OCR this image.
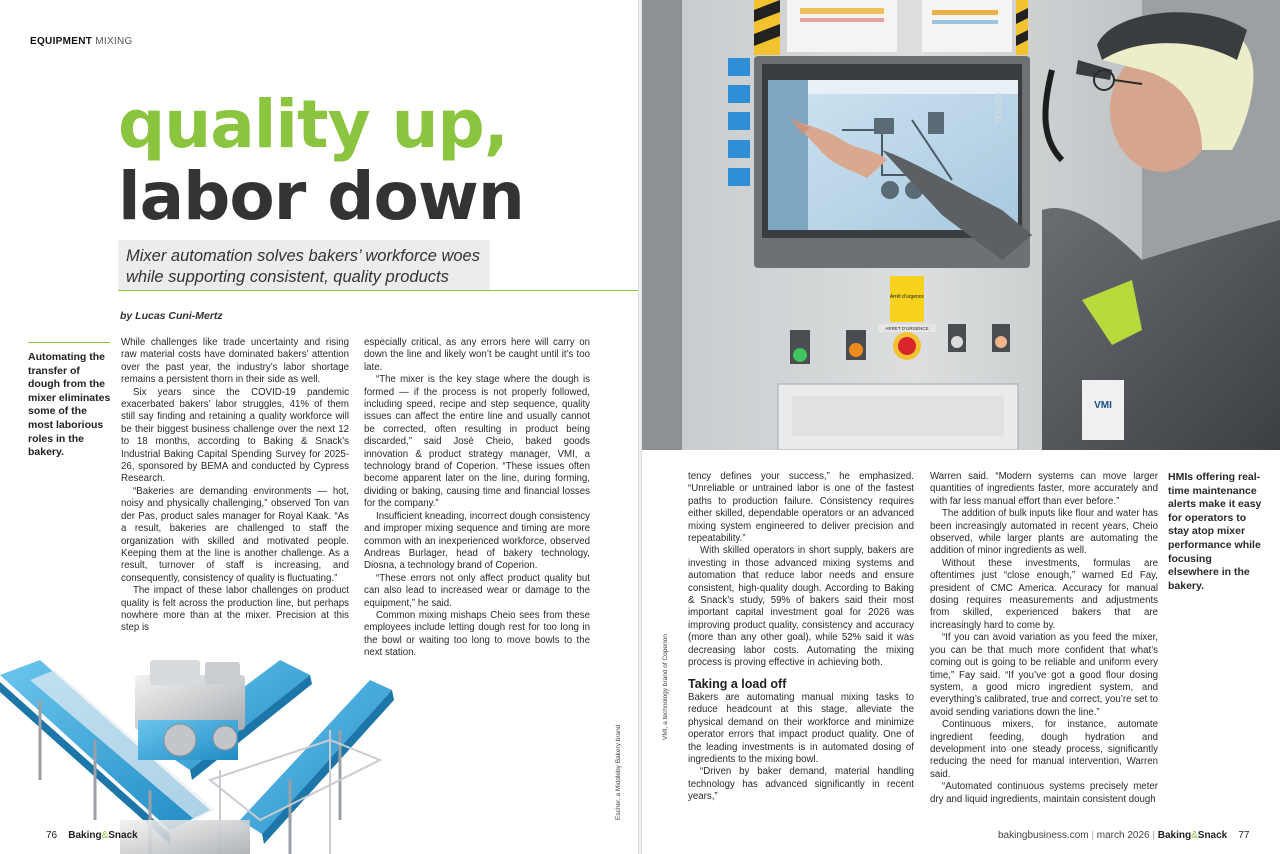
EQUIPMENT MIXING
quality up,
labor down
Mixer automation solves bakers’ workforce woes
while supporting consistent, quality products
by Lucas Cuni-Mertz
Automating the transfer of dough from the mixer eliminates some of the most laborious roles in the bakery.

While challenges like trade uncertainty and rising raw material costs have dominated bakers’ attention over the past year, the industry’s labor shortage remains a persistent thorn in their side as well.

Six years since the COVID-19 pandemic exacerbated bakers’ labor struggles, 41% of them still say finding and retaining a quality workforce will be their biggest business challenge over the next 12 to 18 months, according to Baking & Snack’s Industrial Baking Capital Spending Survey for 2025-26, sponsored by BEMA and conducted by Cypress Research.

“Bakeries are demanding environments — hot, noisy and physically challenging,” observed Ton van der Pas, product sales manager for Royal Kaak. “As a result, bakeries are challenged to staff the organization with skilled and motivated people. Keeping them at the line is another challenge. As a result, turnover of staff is increasing, and consequently, consistency of quality is fluctuating.”

The impact of these labor challenges on product quality is felt across the production line, but perhaps nowhere more than at the mixer. Precision at this step is

especially critical, as any errors here will carry on down the line and likely won’t be caught until it’s too late.

“The mixer is the key stage where the dough is formed — if the process is not properly followed, including speed, recipe and step sequence, quality issues can affect the entire line and usually cannot be corrected, often resulting in product being discarded,” said José Cheio, baked goods innovation & product strategy manager, VMI, a technology brand of Coperion. “These issues often become apparent later on the line, during forming, dividing or baking, causing time and financial losses for the company.”

Insufficient kneading, incorrect dough consistency and improper mixing sequence and timing are more common with an inexperienced workforce, observed Andreas Burlager, head of bakery technology, Diosna, a technology brand of Coperion.

“These errors not only affect product quality but can also lead to increased wear or damage to the equipment,” he said.

Common mixing mishaps Cheio sees from these employees include letting dough rest for too long in the bowl or waiting too long to move bowls to the next station.

Escher, a Middleby Bakery brand
76 Baking&Snack
TOUCH
Arrêt d’urgence
ARRET D’URGENCE
VMI
VMI, a technology brand of Coperion

tency defines your success,” he emphasized. “Unreliable or untrained labor is one of the fastest paths to production failure. Consistency requires either skilled, dependable operators or an advanced mixing system engineered to deliver precision and repeatability.”

With skilled operators in short supply, bakers are investing in those advanced mixing systems and automation that reduce labor needs and ensure consistent, high-quality dough. According to Baking & Snack’s study, 59% of bakers said their most important capital investment goal for 2026 was improving product quality, consistency and accuracy (more than any other goal), while 52% said it was decreasing labor costs. Automating the mixing process is proving effective in achieving both.

Taking a load off

Bakers are automating manual mixing tasks to reduce headcount at this stage, alleviate the physical demand on their workforce and minimize operator errors that impact product quality. One of the leading investments is in automated dosing of ingredients to the mixing bowl.

“Driven by baker demand, material handling technology has advanced significantly in recent years,”

Warren said. “Modern systems can move larger quantities of ingredients faster, more accurately and with far less manual effort than ever before.”

The addition of bulk inputs like flour and water has been increasingly automated in recent years, Cheio observed, while larger plants are automating the addition of minor ingredients as well.

Without these investments, formulas are oftentimes just “close enough,” warned Ed Fay, president of CMC America. Accuracy for manual dosing requires measurements and adjustments from skilled, experienced bakers that are increasingly hard to come by.

“If you can avoid variation as you feed the mixer, you can be that much more confident that what’s coming out is going to be reliable and uniform every time,” Fay said. “If you’ve got a good flour dosing system, a good micro ingredient system, and everything’s calibrated, true and correct, you’re set to avoid sending variations down the line.”

Continuous mixers, for instance, automate ingredient feeding, dough hydration and development into one steady process, significantly reducing the need for manual intervention, Warren said.

“Automated continuous systems precisely meter dry and liquid ingredients, maintain consistent dough

HMIs offering real-time maintenance alerts make it easy for operators to stay atop mixer performance while focusing elsewhere in the bakery.
bakingbusiness.com | march 2026 | Baking&Snack 77
